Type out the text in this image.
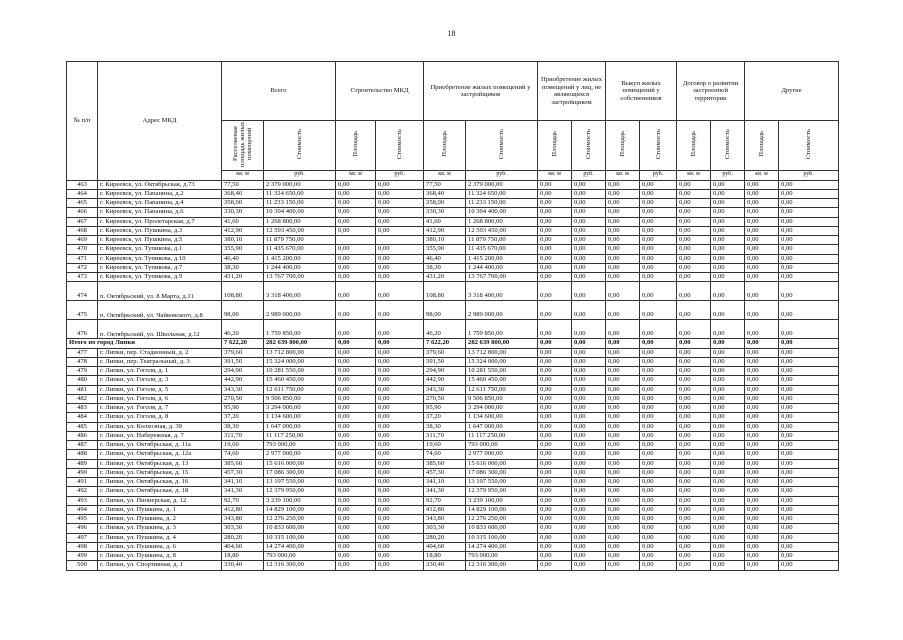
18
№ п/п	Адрес МКД	Всего		Строительство МКД		Приобретение жилых помещений у застройщиков		Приобретение жилых помещений у лиц, не являющихся застройщиком		Выкуп жилых помещений у собственников		Договор о развитии застроенной территории		Другие	
		Расселяемая площадь жилых помещений	Стоимость	Площадь	Стоимость	Площадь	Стоимость	Площадь	Стоимость	Площадь	Стоимость	Площадь	Стоимость	Площадь	Стоимость
		кв. м	руб.	кв. м	руб.	кв. м	руб.	кв. м	руб.	кв. м	руб.	кв. м	руб.	кв. м	руб.
463	г. Киреевск, ул. Октябрьская, д.73	77,50	2 379 000,00	0,00	0,00	77,50	2 379 000,00	0,00	0,00	0,00	0,00	0,00	0,00	0,00	0,00
464	г. Киреевск, ул. Папанина, д.2	368,40	11 324 650,00	0,00	0,00	368,40	11 324 650,00	0,00	0,00	0,00	0,00	0,00	0,00	0,00	0,00
465	г. Киреевск, ул. Папанина, д.4	358,00	11 233 150,00	0,00	0,00	358,00	11 233 150,00	0,00	0,00	0,00	0,00	0,00	0,00	0,00	0,00
466	г. Киреевск, ул. Папанина, д.6	330,30	10 394 400,00	0,00	0,00	330,30	10 394 400,00	0,00	0,00	0,00	0,00	0,00	0,00	0,00	0,00
467	г. Киреевск, ул. Пролетарская, д.7	41,60	1 268 800,00	0,00	0,00	41,60	1 268 800,00	0,00	0,00	0,00	0,00	0,00	0,00	0,00	0,00
468	г. Киреевск, ул. Пушкина, д.3	412,90	12 593 450,00	0,00	0,00	412,90	12 593 450,00	0,00	0,00	0,00	0,00	0,00	0,00	0,00	0,00
469	г. Киреевск, ул. Пушкина, д.5	380,10	11 879 750,00			380,10	11 879 750,00	0,00	0,00	0,00	0,00	0,00	0,00	0,00	0,00
470	г. Киреевск, ул. Тупикова, д.1	355,90	11 435 670,00	0,00	0,00	355,90	11 435 670,00	0,00	0,00	0,00	0,00	0,00	0,00	0,00	0,00
471	г. Киреевск, ул. Тупикова, д.10	46,40	1 415 200,00	0,00	0,00	46,40	1 415 200,00	0,00	0,00	0,00	0,00	0,00	0,00	0,00	0,00
472	г. Киреевск, ул. Тупикова, д.7	38,30	1 244 400,00	0,00	0,00	38,30	1 244 400,00	0,00	0,00	0,00	0,00	0,00	0,00	0,00	0,00
473	г. Киреевск, ул. Тупикова, д.9	431,20	13 767 700,00	0,00	0,00	431,20	13 767 700,00	0,00	0,00	0,00	0,00	0,00	0,00	0,00	0,00
474	п. Октябрьский, ул. 8 Марта, д.11	108,80	3 318 400,00	0,00	0,00	108,80	3 318 400,00	0,00	0,00	0,00	0,00	0,00	0,00	0,00	0,00
475	п. Октябрьский, ул. Чайковского, д.8	98,00	2 989 000,00	0,00	0,00	98,00	2 989 000,00	0,00	0,00	0,00	0,00	0,00	0,00	0,00	0,00
476	п. Октябрьский, ул. Школьная, д.12	46,20	1 759 850,00	0,00	0,00	46,20	1 759 850,00	0,00	0,00	0,00	0,00	0,00	0,00	0,00	0,00
Итого по город Липки		7 622,20	282 639 800,00	0,00	0,00	7 622,20	282 639 800,00	0,00	0,00	0,00	0,00	0,00	0,00	0,00	0,00
477	г. Липки, пер. Стадионный, д. 2	379,60	13 712 800,00	0,00	0,00	379,60	13 712 800,00	0,00	0,00	0,00	0,00	0,00	0,00	0,00	0,00
478	г. Липки, пер. Театральный, д. 3	391,50	15 324 000,00	0,00	0,00	391,50	15 324 000,00	0,00	0,00	0,00	0,00	0,00	0,00	0,00	0,00
479	г. Липки, ул. Гоголя, д. 1	294,90	10 281 550,00	0,00	0,00	294,90	10 281 550,00	0,00	0,00	0,00	0,00	0,00	0,00	0,00	0,00
480	г. Липки, ул. Гоголя, д. 3	442,90	15 460 450,00	0,00	0,00	442,90	15 460 450,00	0,00	0,00	0,00	0,00	0,00	0,00	0,00	0,00
481	г. Липки, ул. Гоголя, д. 5	343,30	12 611 750,00	0,00	0,00	343,30	12 611 750,00	0,00	0,00	0,00	0,00	0,00	0,00	0,00	0,00
482	г. Липки, ул. Гоголя, д. 6	270,50	9 506 850,00	0,00	0,00	270,50	9 506 850,00	0,00	0,00	0,00	0,00	0,00	0,00	0,00	0,00
483	г. Липки, ул. Гоголя, д. 7	95,90	3 294 000,00	0,00	0,00	95,90	3 294 000,00	0,00	0,00	0,00	0,00	0,00	0,00	0,00	0,00
484	г. Липки, ул. Гоголя, д. 8	37,20	1 134 600,00	0,00	0,00	37,20	1 134 600,00	0,00	0,00	0,00	0,00	0,00	0,00	0,00	0,00
485	г. Липки, ул. Колхозная, д. 39	38,30	1 647 000,00	0,00	0,00	38,30	1 647 000,00	0,00	0,00	0,00	0,00	0,00	0,00	0,00	0,00
486	г. Липки, ул. Набережная, д. 7	311,70	11 117 250,00	0,00	0,00	311,70	11 117 250,00	0,00	0,00	0,00	0,00	0,00	0,00	0,00	0,00
487	г. Липки, ул. Октябрьская, д. 11а	19,60	793 000,00	0,00	0,00	19,60	793 000,00	0,00	0,00	0,00	0,00	0,00	0,00	0,00	0,00
488	г. Липки, ул. Октябрьская, д. 12а	74,60	2 977 000,00	0,00	0,00	74,60	2 977 000,00	0,00	0,00	0,00	0,00	0,00	0,00	0,00	0,00
489	г. Липки, ул. Октябрьская, д. 13	385,60	15 616 000,00	0,00	0,00	385,60	15 616 000,00	0,00	0,00	0,00	0,00	0,00	0,00	0,00	0,00
490	г. Липки, ул. Октябрьская, д. 15	457,30	17 086 300,00	0,00	0,00	457,30	17 086 300,00	0,00	0,00	0,00	0,00	0,00	0,00	0,00	0,00
491	г. Липки, ул. Октябрьская, д. 16	341,10	13 197 550,00	0,00	0,00	341,10	13 197 550,00	0,00	0,00	0,00	0,00	0,00	0,00	0,00	0,00
492	г. Липки, ул. Октябрьская, д. 18	341,30	12 379 950,00	0,00	0,00	341,30	12 379 950,00	0,00	0,00	0,00	0,00	0,00	0,00	0,00	0,00
493	г. Липки, ул. Пионерская, д. 12	92,70	3 239 100,00	0,00	0,00	92,70	3 239 100,00	0,00	0,00	0,00	0,00	0,00	0,00	0,00	0,00
494	г. Липки, ул. Пушкина, д. 1	412,80	14 829 100,00	0,00	0,00	412,80	14 829 100,00	0,00	0,00	0,00	0,00	0,00	0,00	0,00	0,00
495	г. Липки, ул. Пушкина, д. 2	343,80	12 276 250,00	0,00	0,00	343,80	12 276 250,00	0,00	0,00	0,00	0,00	0,00	0,00	0,00	0,00
496	г. Липки, ул. Пушкина, д. 3	303,30	10 833 600,00	0,00	0,00	303,30	10 833 600,00	0,00	0,00	0,00	0,00	0,00	0,00	0,00	0,00
497	г. Липки, ул. Пушкина, д. 4	280,20	10 315 100,00	0,00	0,00	280,20	10 315 100,00	0,00	0,00	0,00	0,00	0,00	0,00	0,00	0,00
498	г. Липки, ул. Пушкина, д. 6	404,60	14 274 400,00	0,00	0,00	404,60	14 274 400,00	0,00	0,00	0,00	0,00	0,00	0,00	0,00	0,00
499	г. Липки, ул. Пушкина, д. 8	18,80	793 000,00	0,00	0,00	18,80	793 000,00	0,00	0,00	0,00	0,00	0,00	0,00	0,00	0,00
500	г. Липки, ул. Спортивная, д. 1	330,40	12 316 300,00	0,00	0,00	330,40	12 316 300,00	0,00	0,00	0,00	0,00	0,00	0,00	0,00	0,00
